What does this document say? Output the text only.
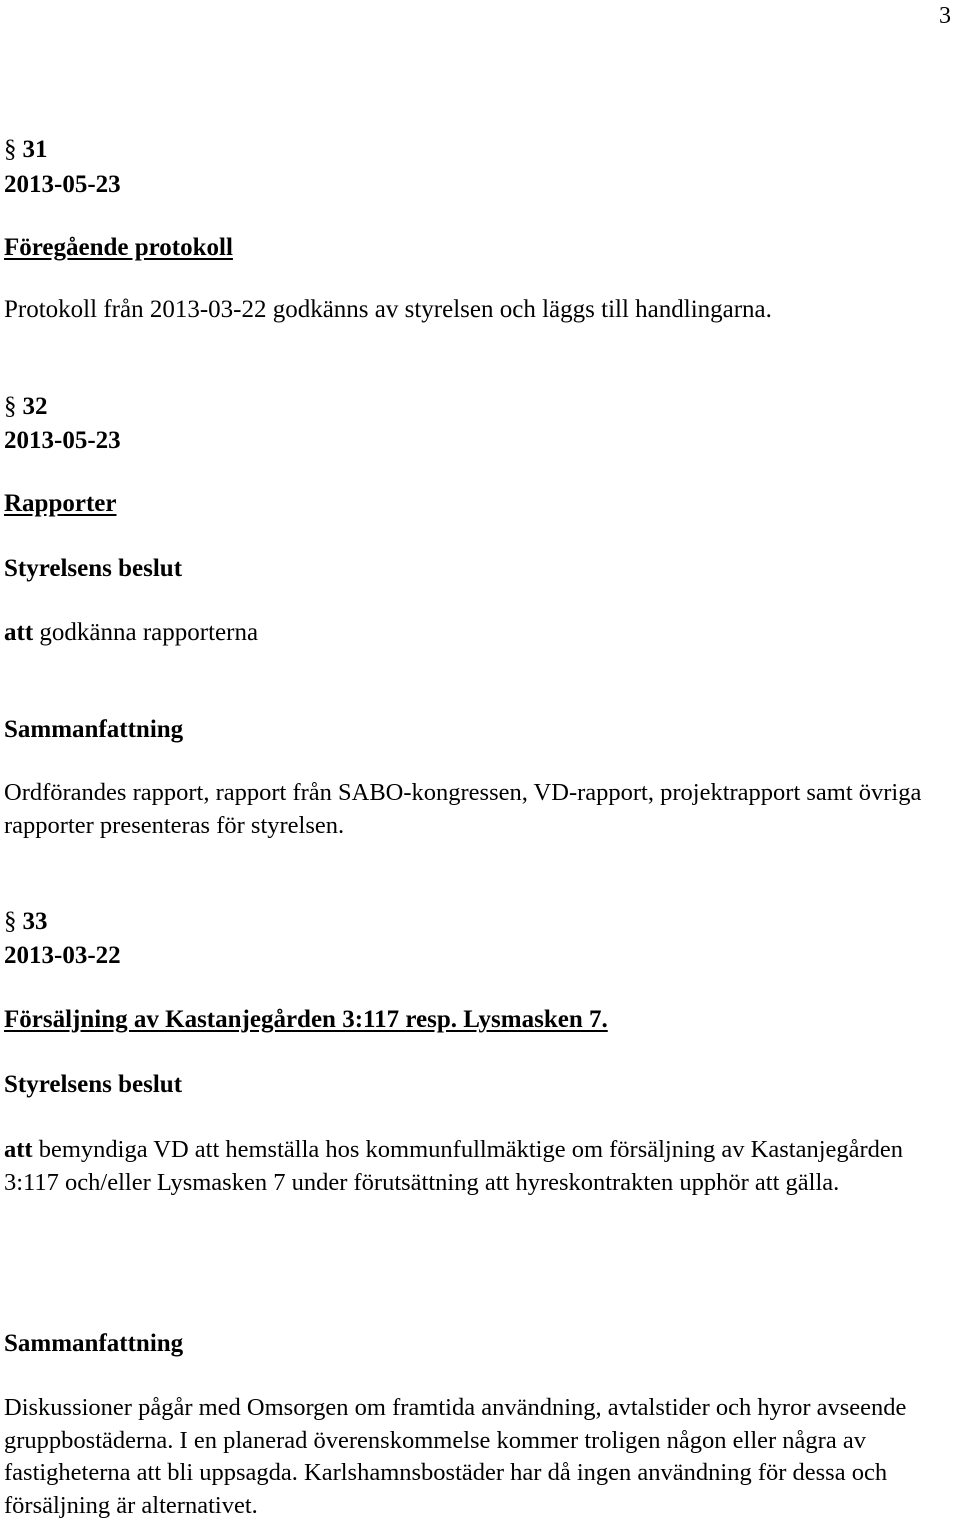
3
§ 31
2013-05-23
Föregående protokoll
Protokoll från 2013-03-22 godkänns av styrelsen och läggs till handlingarna.
§ 32
2013-05-23
Rapporter
Styrelsens beslut
att godkänna rapporterna
Sammanfattning
Ordförandes rapport, rapport från SABO-kongressen, VD-rapport, projektrapport samt övriga rapporter presenteras för styrelsen.
§ 33
2013-03-22
Försäljning av Kastanjegården 3:117 resp. Lysmasken 7.
Styrelsens beslut
att bemyndiga VD att hemställa hos kommunfullmäktige om försäljning av Kastanjegården 3:117 och/eller Lysmasken 7 under förutsättning att hyreskontrakten upphör att gälla.
Sammanfattning
Diskussioner pågår med Omsorgen om framtida användning, avtalstider och hyror avseende gruppbostäderna. I en planerad överenskommelse kommer troligen någon eller några av fastigheterna att bli uppsagda. Karlshamnsbostäder har då ingen användning för dessa och försäljning är alternativet.
